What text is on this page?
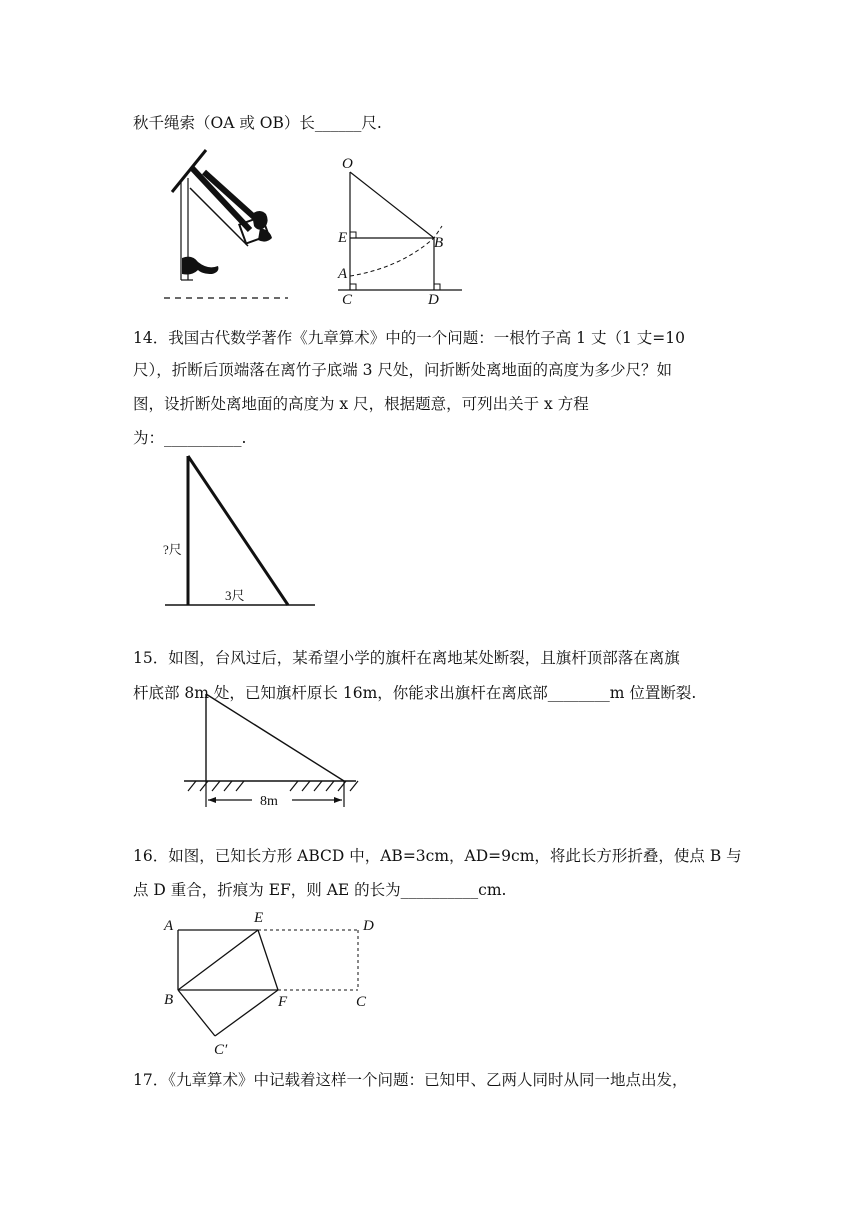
秋千绳索（OA 或 OB）长______尺.
O
E	B
A
C	D
14．我国古代数学著作《九章算术》中的一个问题：一根竹子高 1 丈（1 丈=10
尺），折断后顶端落在离竹子底端 3 尺处，问折断处离地面的高度为多少尺？如
图，设折断处离地面的高度为 x 尺，根据题意，可列出关于 x 方程
为：__________.
?尺
3尺
15．如图，台风过后，某希望小学的旗杆在离地某处断裂，且旗杆顶部落在离旗
杆底部 8m 处，已知旗杆原长 16m，你能求出旗杆在离底部________m 位置断裂.
8m
16．如图，已知长方形 ABCD 中，AB=3cm，AD=9cm，将此长方形折叠，使点 B 与
点 D 重合，折痕为 EF，则 AE 的长为__________cm.
A	E	D
B	F	C
C′
17．《九章算术》中记载着这样一个问题：已知甲、乙两人同时从同一地点出发，
